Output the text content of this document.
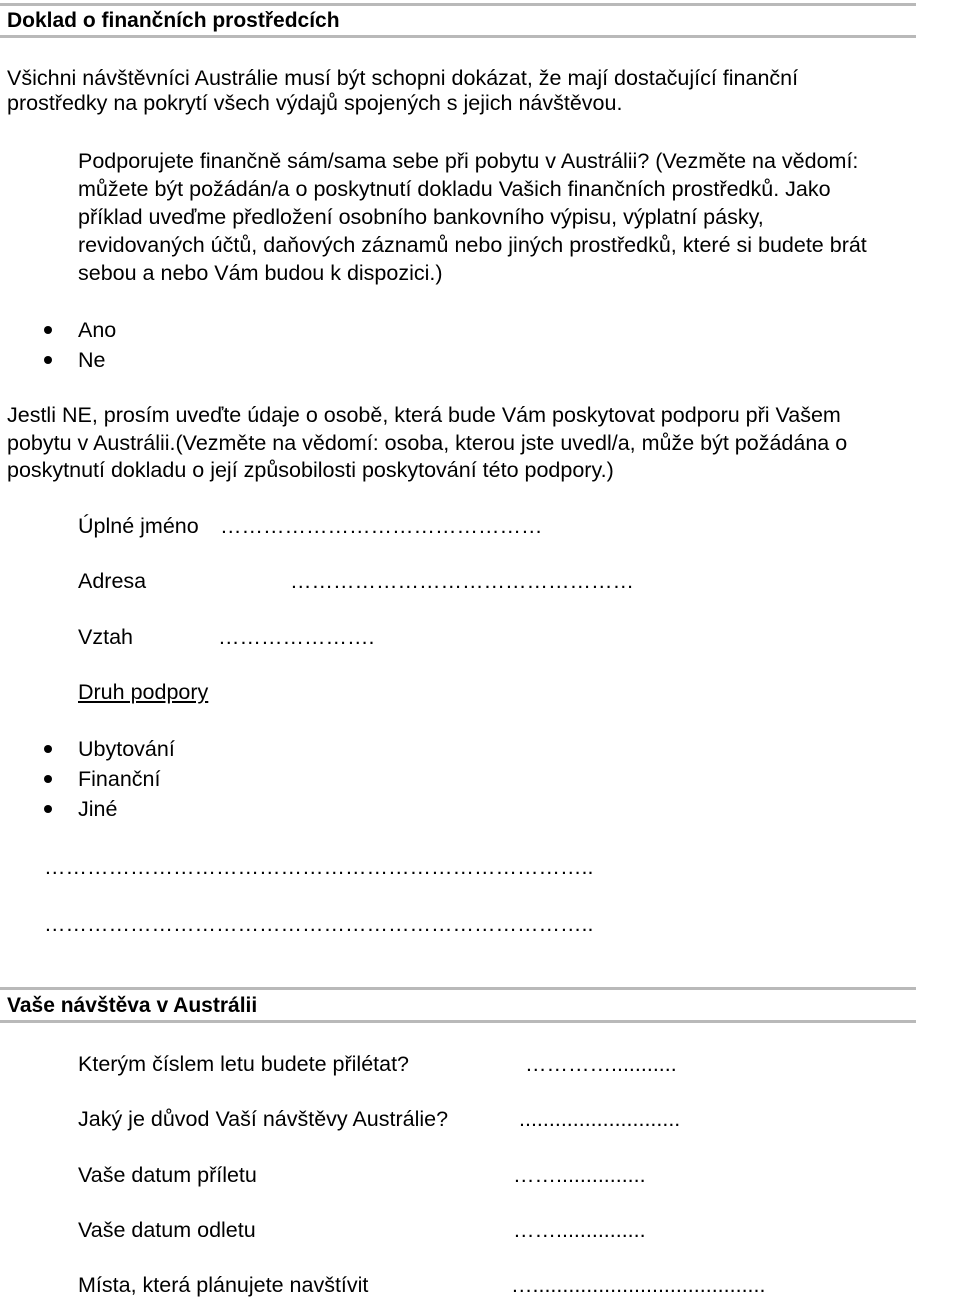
Doklad o finančních prostředcích
Všichni návštěvníci Austrálie musí být schopni dokázat, že mají dostačující finanční
prostředky na pokrytí všech výdajů spojených s jejich návštěvou.
Podporujete finančně sám/sama sebe při pobytu v Austrálii? (Vezměte na vědomí:
můžete být požádán/a o poskytnutí dokladu Vašich finančních prostředků. Jako
příklad uveďme předložení osobního bankovního výpisu, výplatní pásky,
revidovaných účtů, daňových záznamů nebo jiných prostředků, které si budete brát
sebou a nebo Vám budou k dispozici.)
Ano
Ne
Jestli NE, prosím uveďte údaje o osobě, která bude Vám poskytovat podporu při Vašem
pobytu v Austrálii.(Vezměte na vědomí: osoba, kterou jste uvedl/a, může být požádána o
poskytnutí dokladu o její způsobilosti poskytování této podpory.)
Úplné jméno ………………………………………
Adresa	…………………………………………
Vztah	………………….
Druh podpory
Ubytování
Finanční
Jiné
…………………………………………………………………..
…………………………………………………………………..
Vaše návštěva v Austrálii
Kterým číslem letu budete přilétat?	…………...........
Jaký je důvod Vaší návštěvy Austrálie?	...........................
Vaše datum příletu	……...............
Vaše datum odletu	……...............
Místa, která plánujete navštívit	….......................................
